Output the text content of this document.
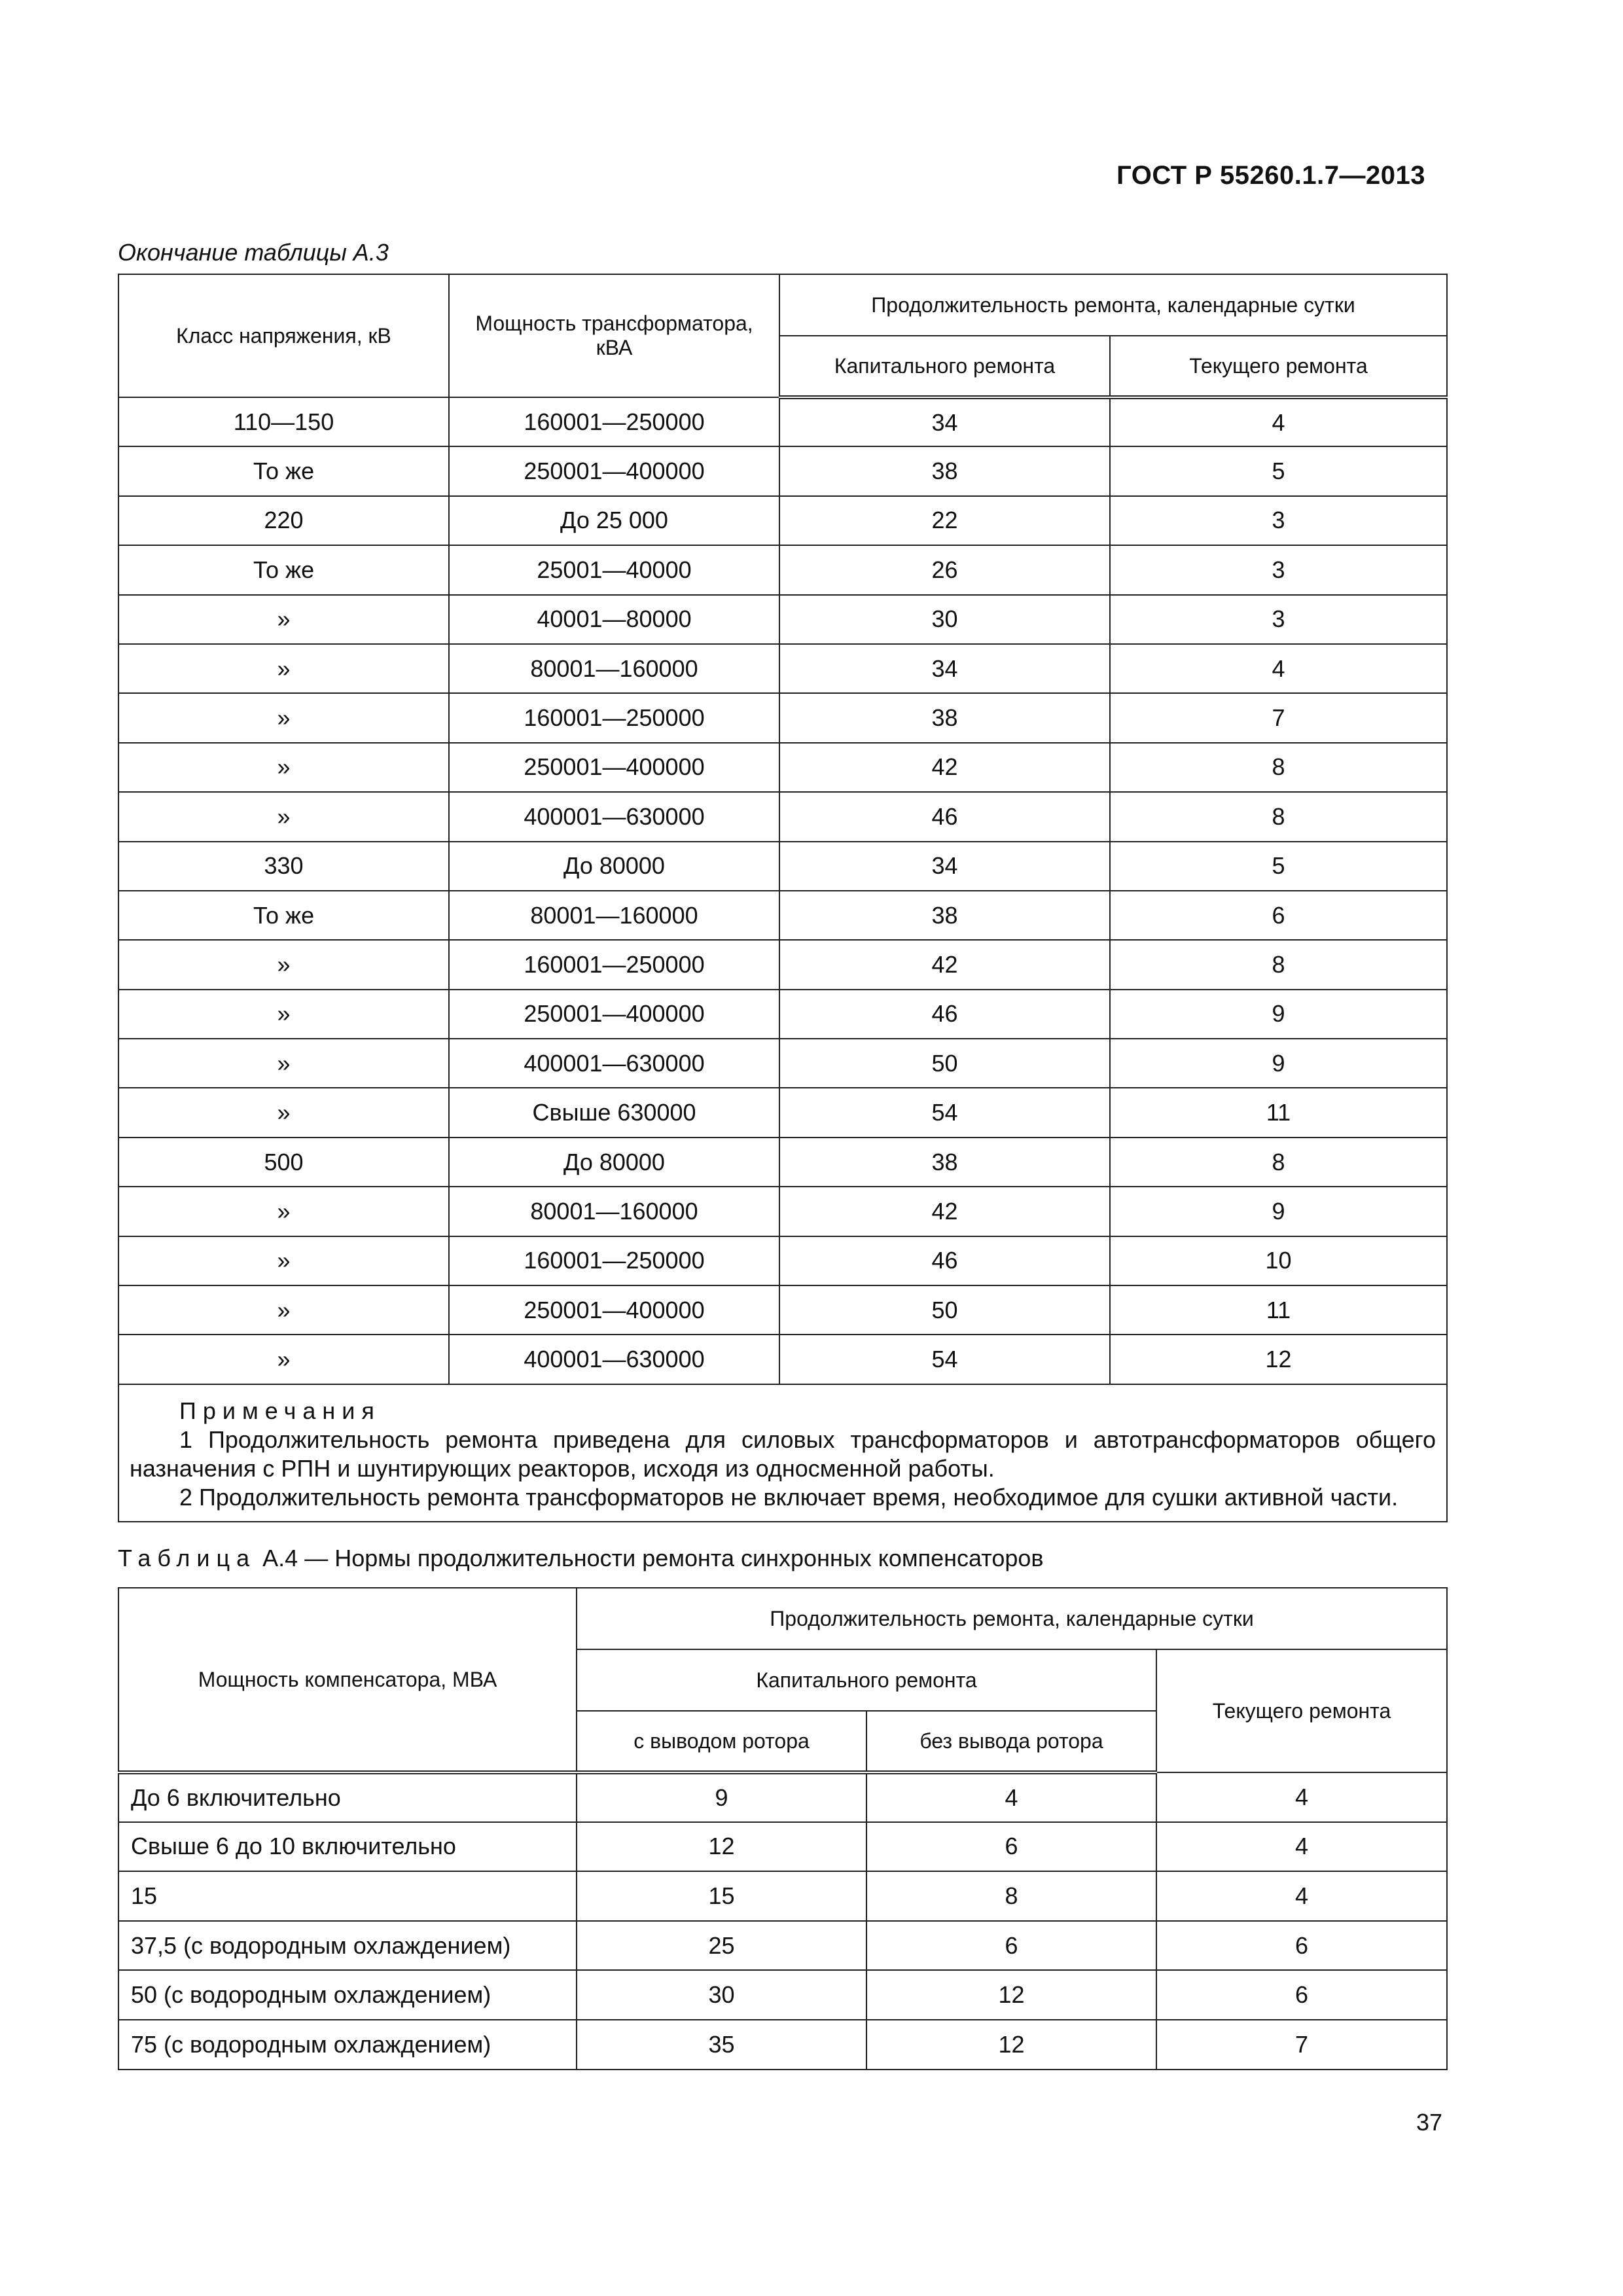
ГОСТ Р 55260.1.7—2013
Окончание таблицы А.3
Класс напряжения, кВ	Мощность трансформатора, кВА	Продолжительность ремонта, календарные сутки	
		Капитального ремонта	Текущего ремонта
110—150	160001—250000	34	4
То же	250001—400000	38	5
220	До 25 000	22	3
То же	25001—40000	26	3
»	40001—80000	30	3
»	80001—160000	34	4
»	160001—250000	38	7
»	250001—400000	42	8
»	400001—630000	46	8
330	До 80000	34	5
То же	80001—160000	38	6
»	160001—250000	42	8
»	250001—400000	46	9
»	400001—630000	50	9
»	Свыше 630000	54	11
500	До 80000	38	8
»	80001—160000	42	9
»	160001—250000	46	10
»	250001—400000	50	11
»	400001—630000	54	12

Примечания
1 Продолжительность ремонта приведена для силовых трансформаторов и автотрансформаторов общего назначения с РПН и шунтирующих реакторов, исходя из односменной работы.
2 Продолжительность ремонта трансформаторов не включает время, необходимое для сушки активной части.			
Таблица А.4 — Нормы продолжительности ремонта синхронных компенсаторов
Мощность компенсатора, МВА	Продолжительность ремонта, календарные сутки		
	Капитального ремонта		Текущего ремонта
	с выводом ротора	без вывода ротора	
До 6 включительно	9	4	4
Свыше 6 до 10 включительно	12	6	4
15	15	8	4
37,5 (с водородным охлаждением)	25	6	6
50 (с водородным охлаждением)	30	12	6
75 (с водородным охлаждением)	35	12	7
37
